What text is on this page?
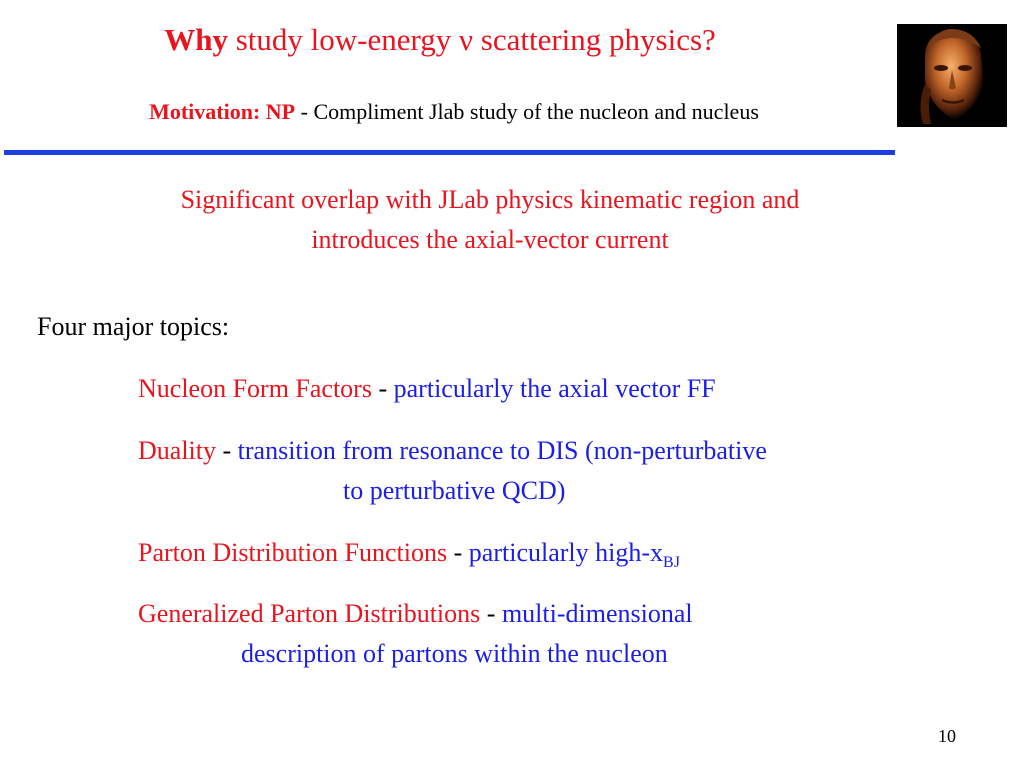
Why study low-energy ν scattering physics?
Motivation: NP - Compliment Jlab study of the nucleon and nucleus
Significant overlap with JLab physics kinematic region and
introduces the axial-vector current
Four major topics:
Nucleon Form Factors - particularly the axial vector FF
Duality - transition from resonance to DIS (non-perturbative
to perturbative QCD)
Parton Distribution Functions - particularly high-$x_{BJ}$
Generalized Parton Distributions - multi-dimensional
description of partons within the nucleon
10
